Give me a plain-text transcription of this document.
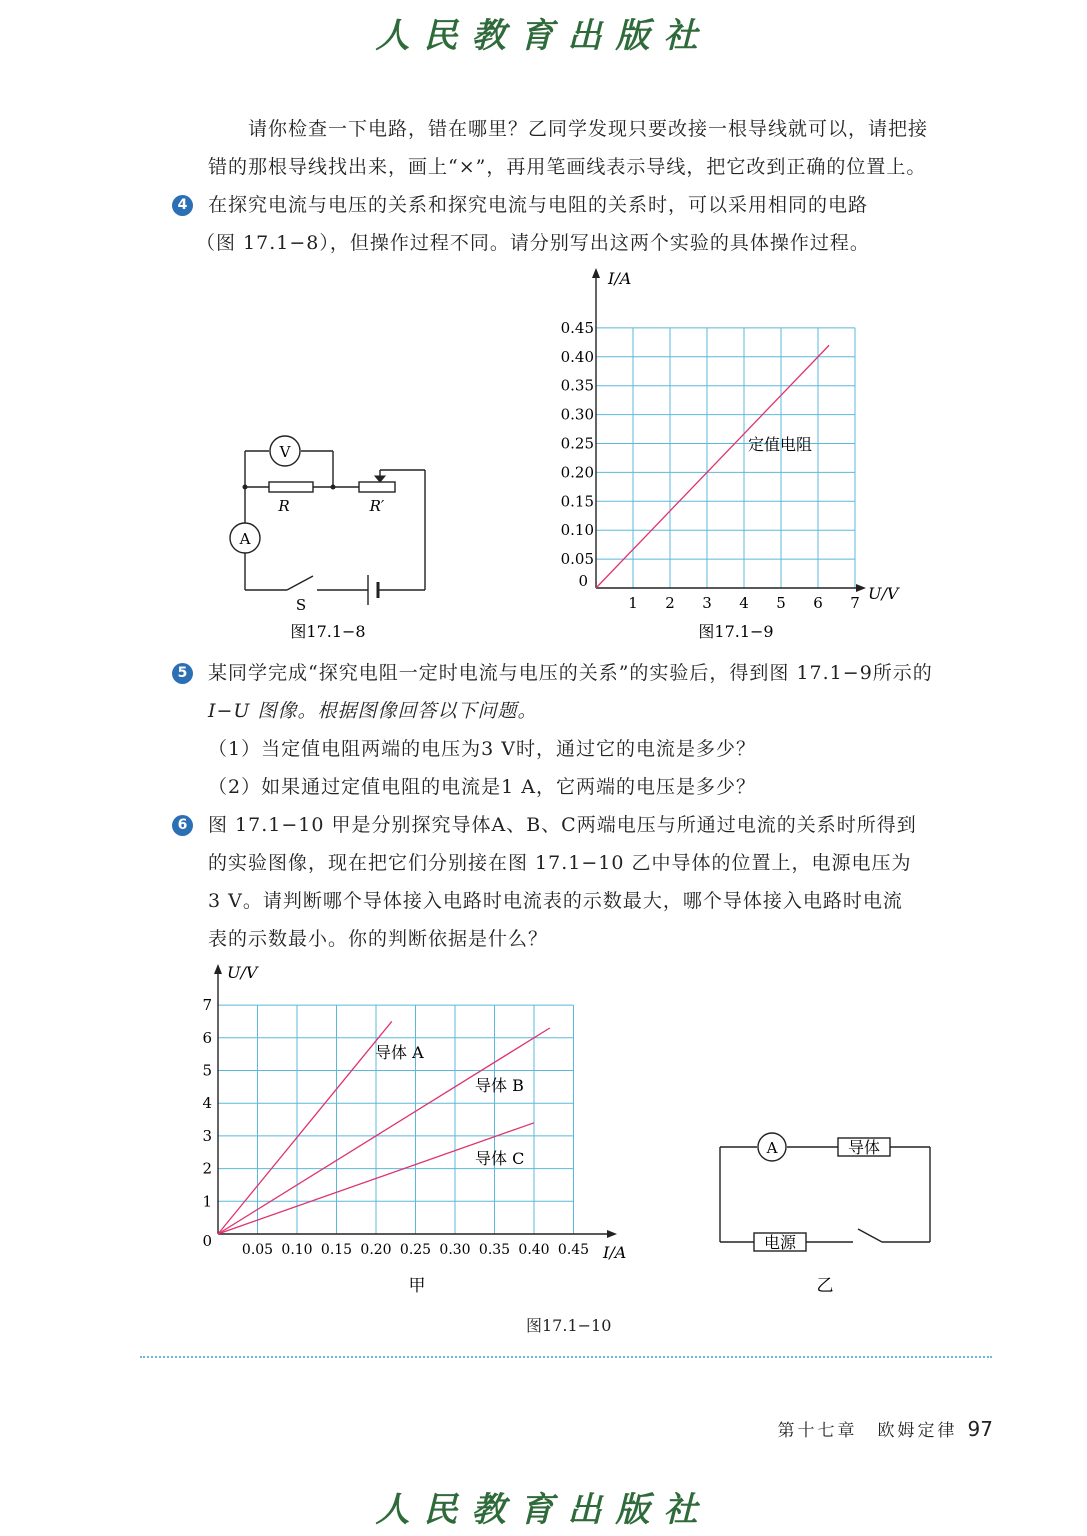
人民教育出版社
请你检查一下电路，错在哪里？乙同学发现只要改接一根导线就可以，请把接
错的那根导线找出来，画上“×”，再用笔画线表示导线，把它改到正确的位置上。
4 在探究电流与电压的关系和探究电流与电阻的关系时，可以采用相同的电路
（图 17.1−8），但操作过程不同。请分别写出这两个实验的具体操作过程。
V
A
R	R′
S
图17.1−8
1 2 3 4 5 6 7
0.05
0.10
0.15
0.20
0.25
0.30
0.35
0.40
0.45
I/A
U/V
0
定值电阻
图17.1−9
5 某同学完成“探究电阻一定时电流与电压的关系”的实验后，得到图 17.1−9所示的
I−U 图像。根据图像回答以下问题。
（1）当定值电阻两端的电压为3 V时，通过它的电流是多少？
（2）如果通过定值电阻的电流是1 A，它两端的电压是多少？
6 图 17.1−10 甲是分别探究导体A、B、C两端电压与所通过电流的关系时所得到
的实验图像，现在把它们分别接在图 17.1−10 乙中导体的位置上，电源电压为
3 V。请判断哪个导体接入电路时电流表的示数最大，哪个导体接入电路时电流
表的示数最小。你的判断依据是什么？
0.05 0.10 0.15 0.20 0.25 0.30 0.35 0.40 0.45
1
2
3
4
5
6
7
U/V
I/A
0
导体 A
导体 B
导体 C
甲
A	导体
电源
乙
图17.1−10
第十七章　欧姆定律 97
人民教育出版社
